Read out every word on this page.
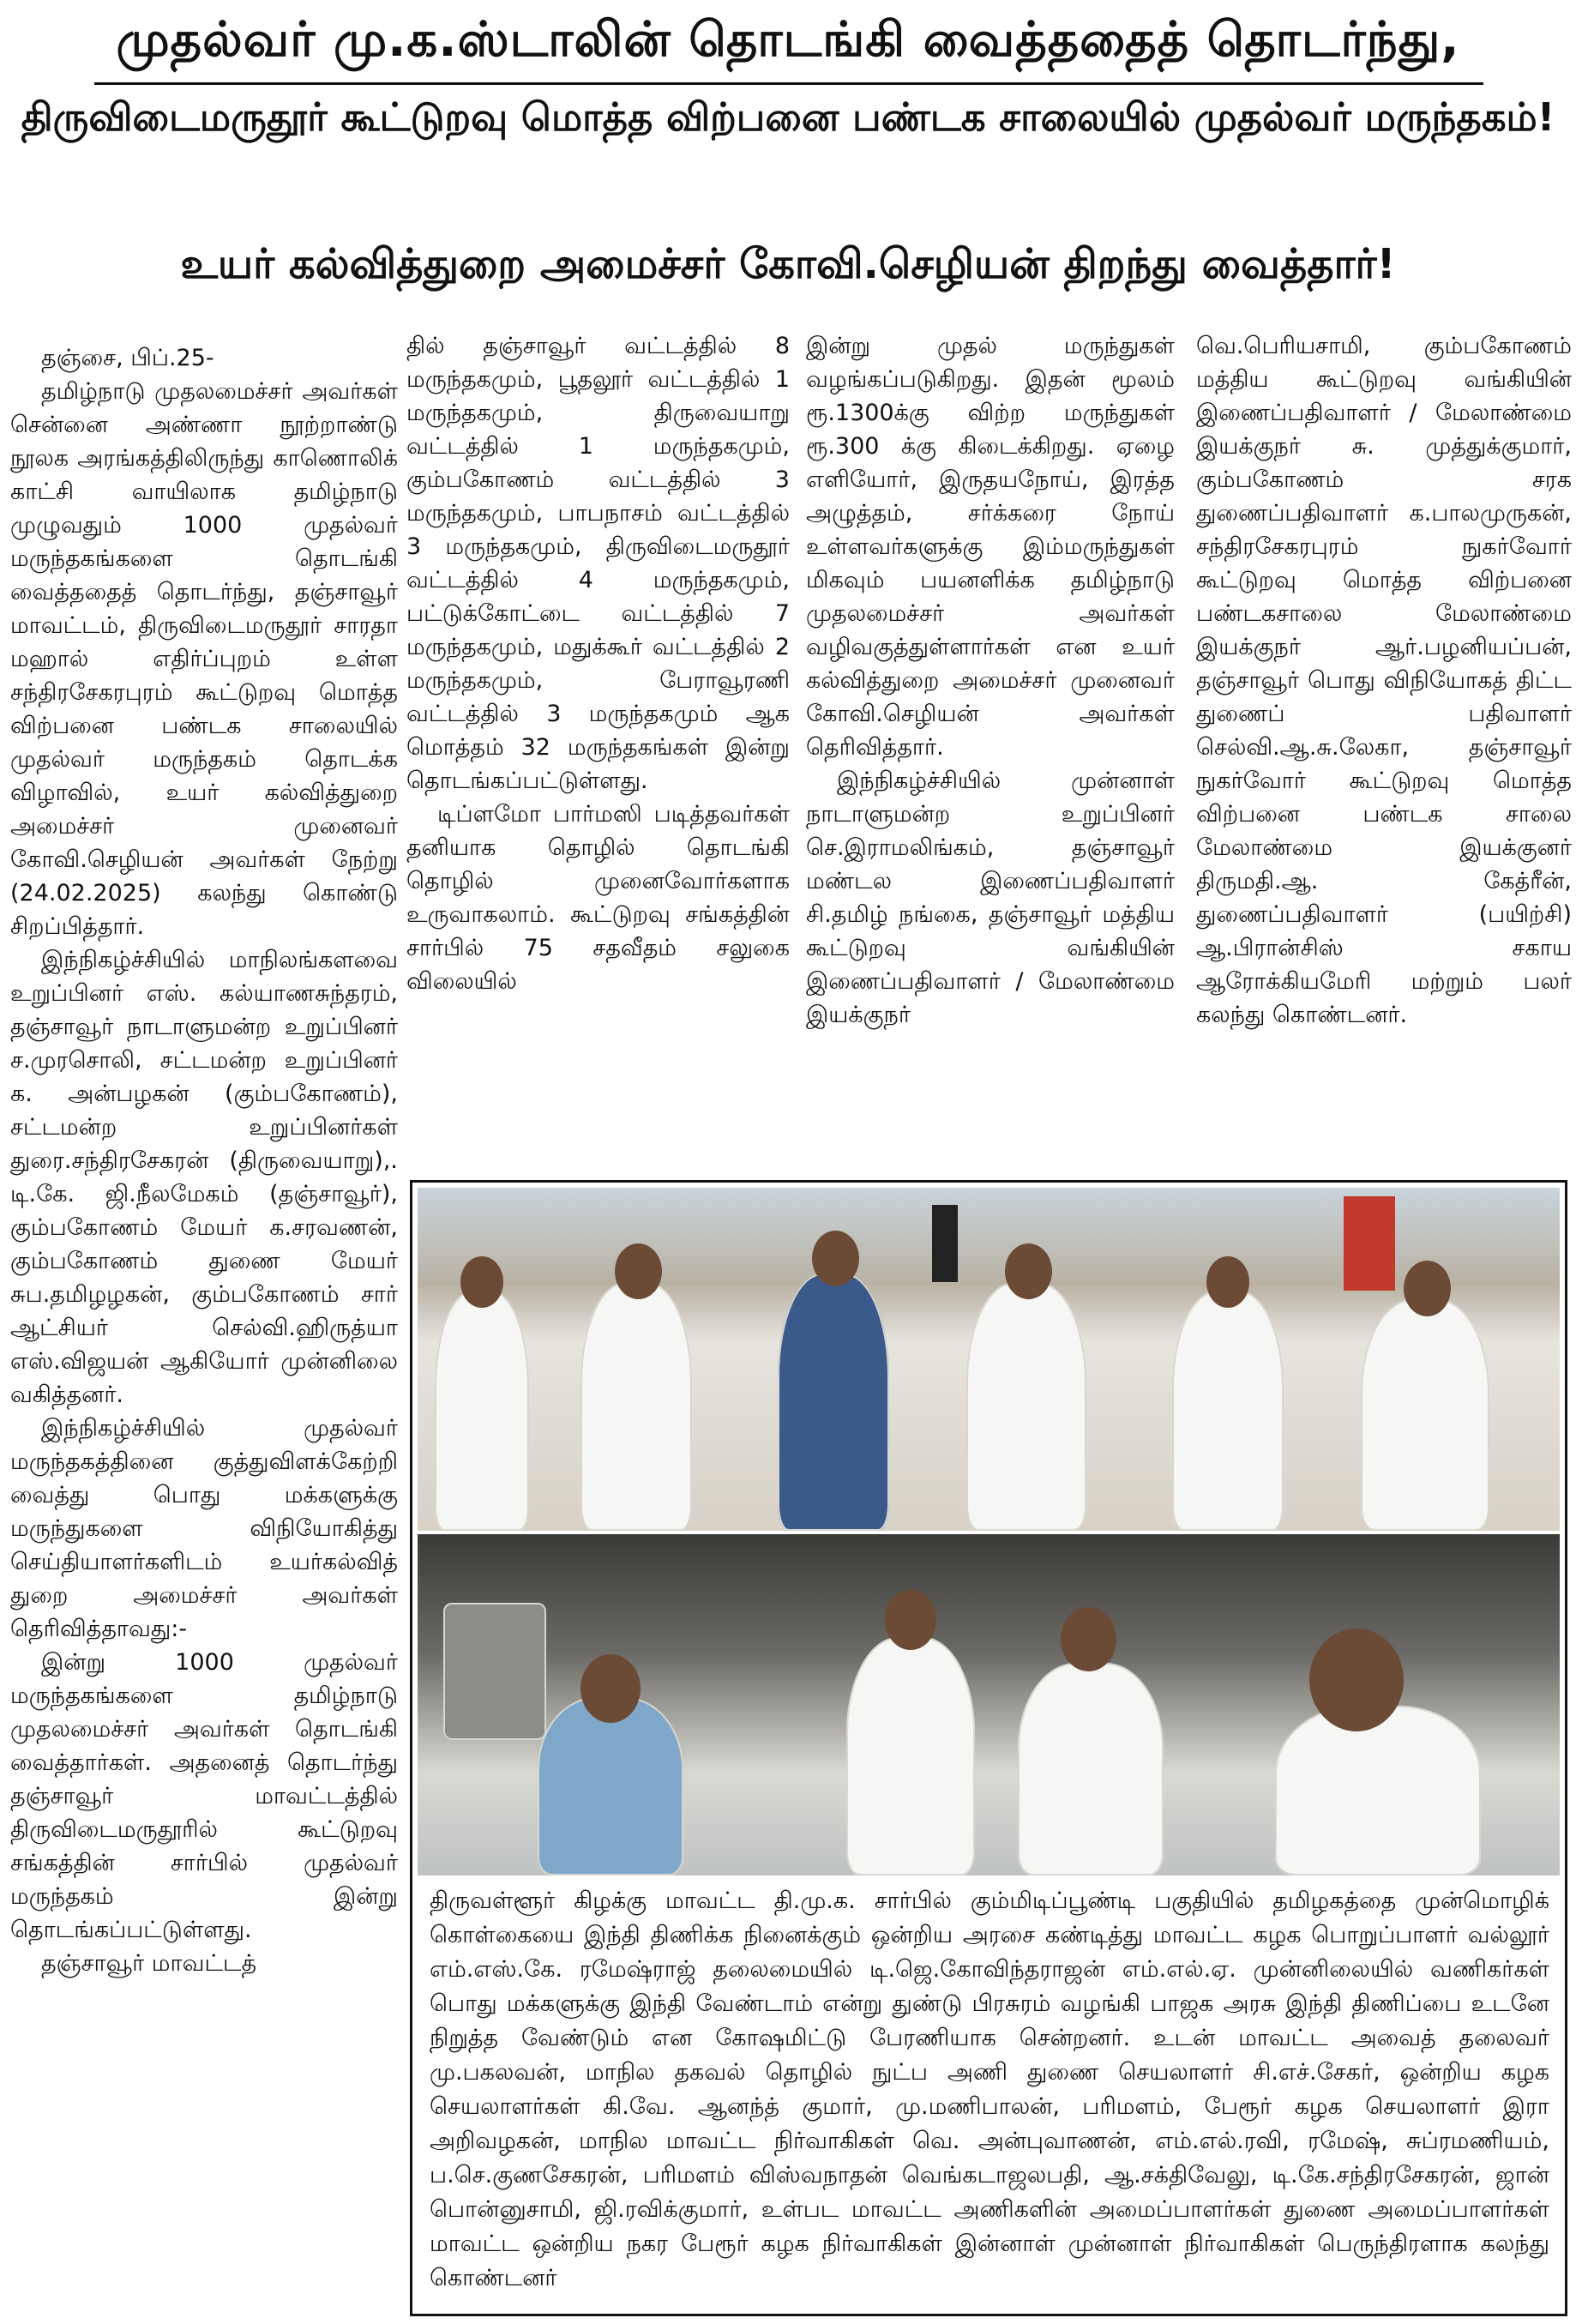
முதல்வர் மு.க.ஸ்டாலின் தொடங்கி வைத்ததைத் தொடர்ந்து,
திருவிடைமருதூர் கூட்டுறவு மொத்த விற்பனை பண்டக சாலையில் முதல்வர் மருந்தகம்!
உயர் கல்வித்துறை அமைச்சர் கோவி.செழியன் திறந்து வைத்தார்!

தஞ்சை, பிப்.25-

தமிழ்நாடு முதலமைச்சர் அவர்கள் சென்னை அண்ணா நூற்றாண்டு நூலக அரங்கத்திலிருந்து காணொலிக் காட்சி வாயிலாக தமிழ்நாடு முழுவதும் 1000 முதல்வர் மருந்தகங்களை தொடங்கி வைத்ததைத் தொடர்ந்து, தஞ்சாவூர் மாவட்டம், திருவிடைமருதூர் சாரதா மஹால் எதிர்ப்புறம் உள்ள சந்திரசேகரபுரம் கூட்டுறவு மொத்த விற்பனை பண்டக சாலையில் முதல்வர் மருந்தகம் தொடக்க விழாவில், உயர் கல்வித்துறை அமைச்சர் முனைவர் கோவி.செழியன் அவர்கள் நேற்று (24.02.2025) கலந்து கொண்டு சிறப்பித்தார்.

இந்நிகழ்ச்சியில் மாநிலங்களவை உறுப்பினர் எஸ். கல்யாணசுந்தரம், தஞ்சாவூர் நாடாளுமன்ற உறுப்பினர் ச.முரசொலி, சட்டமன்ற உறுப்பினர் க. அன்பழகன் (கும்பகோணம்), சட்டமன்ற உறுப்பினர்கள் துரை.சந்திரசேகரன் (திருவையாறு),. டி.கே. ஜி.நீலமேகம் (தஞ்சாவூர்), கும்பகோணம் மேயர் க.சரவணன், கும்பகோணம் துணை மேயர் சுப.தமிழழகன், கும்பகோணம் சார் ஆட்சியர் செல்வி.ஹிருத்யா எஸ்.விஜயன் ஆகியோர் முன்னிலை வகித்தனர்.

இந்நிகழ்ச்சியில் முதல்வர் மருந்தகத்தினை குத்துவிளக்கேற்றி வைத்து பொது மக்களுக்கு மருந்துகளை விநியோகித்து செய்தியாளர்களிடம் உயர்கல்வித் துறை அமைச்சர் அவர்கள் தெரிவித்தாவது:-

இன்று 1000 முதல்வர் மருந்தகங்களை தமிழ்நாடு முதலமைச்சர் அவர்கள் தொடங்கி வைத்தார்கள். அதனைத் தொடர்ந்து தஞ்சாவூர் மாவட்டத்தில் திருவிடைமருதூரில் கூட்டுறவு சங்கத்தின் சார்பில் முதல்வர் மருந்தகம் இன்று தொடங்கப்பட்டுள்ளது.

தஞ்சாவூர் மாவட்டத்

தில் தஞ்சாவூர் வட்டத்தில் 8 மருந்தகமும், பூதலூர் வட்டத்தில் 1 மருந்தகமும், திருவையாறு வட்டத்தில் 1 மருந்தகமும், கும்பகோணம் வட்டத்தில் 3 மருந்தகமும், பாபநாசம் வட்டத்தில் 3 மருந்தகமும், திருவிடைமருதூர் வட்டத்தில் 4 மருந்தகமும், பட்டுக்கோட்டை வட்டத்தில் 7 மருந்தகமும், மதுக்கூர் வட்டத்தில் 2 மருந்தகமும், பேராவூரணி வட்டத்தில் 3 மருந்தகமும் ஆக மொத்தம் 32 மருந்தகங்கள் இன்று தொடங்கப்பட்டுள்ளது.

டிப்ளமோ பார்மஸி படித்தவர்கள் தனியாக தொழில் தொடங்கி தொழில் முனைவோர்களாக உருவாகலாம். கூட்டுறவு சங்கத்தின் சார்பில் 75 சதவீதம் சலுகை விலையில்

இன்று முதல் மருந்துகள் வழங்கப்படுகிறது. இதன் மூலம் ரூ.1300க்கு விற்ற மருந்துகள் ரூ.300 க்கு கிடைக்கிறது. ஏழை எளியோர், இருதயநோய், இரத்த அழுத்தம், சர்க்கரை நோய் உள்ளவர்களுக்கு இம்மருந்துகள் மிகவும் பயனளிக்க தமிழ்நாடு முதலமைச்சர் அவர்கள் வழிவகுத்துள்ளார்கள் என உயர் கல்வித்துறை அமைச்சர் முனைவர் கோவி.செழியன் அவர்கள் தெரிவித்தார்.

இந்நிகழ்ச்சியில் முன்னாள் நாடாளுமன்ற உறுப்பினர் செ.இராமலிங்கம், தஞ்சாவூர் மண்டல இணைப்பதிவாளர் சி.தமிழ் நங்கை, தஞ்சாவூர் மத்திய கூட்டுறவு வங்கியின் இணைப்பதிவாளர் / மேலாண்மை இயக்குநர்

வெ.பெரியசாமி, கும்பகோணம் மத்திய கூட்டுறவு வங்கியின் இணைப்பதிவாளர் / மேலாண்மை இயக்குநர் சு. முத்துக்குமார், கும்பகோணம் சரக துணைப்பதிவாளர் க.பாலமுருகன், சந்திரசேகரபுரம் நுகர்வோர் கூட்டுறவு மொத்த விற்பனை பண்டகசாலை மேலாண்மை இயக்குநர் ஆர்.பழனியப்பன், தஞ்சாவூர் பொது விநியோகத் திட்ட துணைப் பதிவாளர் செல்வி.ஆ.சு.லேகா, தஞ்சாவூர் நுகர்வோர் கூட்டுறவு மொத்த விற்பனை பண்டக சாலை மேலாண்மை இயக்குனர் திருமதி.ஆ. கேத்ரீன், துணைப்பதிவாளர் (பயிற்சி) ஆ.பிரான்சிஸ் சகாய ஆரோக்கியமேரி மற்றும் பலர் கலந்து கொண்டனர்.

திருவள்ளூர் கிழக்கு மாவட்ட தி.மு.க. சார்பில் கும்மிடிப்பூண்டி பகுதியில் தமிழகத்தை முன்மொழிக் கொள்கையை இந்தி திணிக்க நினைக்கும் ஒன்றிய அரசை கண்டித்து மாவட்ட கழக பொறுப்பாளர் வல்லூர் எம்.எஸ்.கே. ரமேஷ்ராஜ் தலைமையில் டி.ஜெ.கோவிந்தராஜன் எம்.எல்.ஏ. முன்னிலையில் வணிகர்கள் பொது மக்களுக்கு இந்தி வேண்டாம் என்று துண்டு பிரசுரம் வழங்கி பாஜக அரசு இந்தி திணிப்பை உடனே நிறுத்த வேண்டும் என கோஷமிட்டு பேரணியாக சென்றனர். உடன் மாவட்ட அவைத் தலைவர் மு.பகலவன், மாநில தகவல் தொழில் நுட்ப அணி துணை செயலாளர் சி.எச்.சேகர், ஒன்றிய கழக செயலாளர்கள் கி.வே. ஆனந்த் குமார், மு.மணிபாலன், பரிமளம், பேரூர் கழக செயலாளர் இரா அறிவழகன், மாநில மாவட்ட நிர்வாகிகள் வெ. அன்புவாணன், எம்.எல்.ரவி, ரமேஷ், சுப்ரமணியம், ப.செ.குணசேகரன், பரிமளம் விஸ்வநாதன் வெங்கடாஜலபதி, ஆ.சக்திவேலு, டி.கே.சந்திரசேகரன், ஜான் பொன்னுசாமி, ஜி.ரவிக்குமார், உள்பட மாவட்ட அணிகளின் அமைப்பாளர்கள் துணை அமைப்பாளர்கள் மாவட்ட ஒன்றிய நகர பேரூர் கழக நிர்வாகிகள் இன்னாள் முன்னாள் நிர்வாகிகள் பெருந்திரளாக கலந்து கொண்டனர்
